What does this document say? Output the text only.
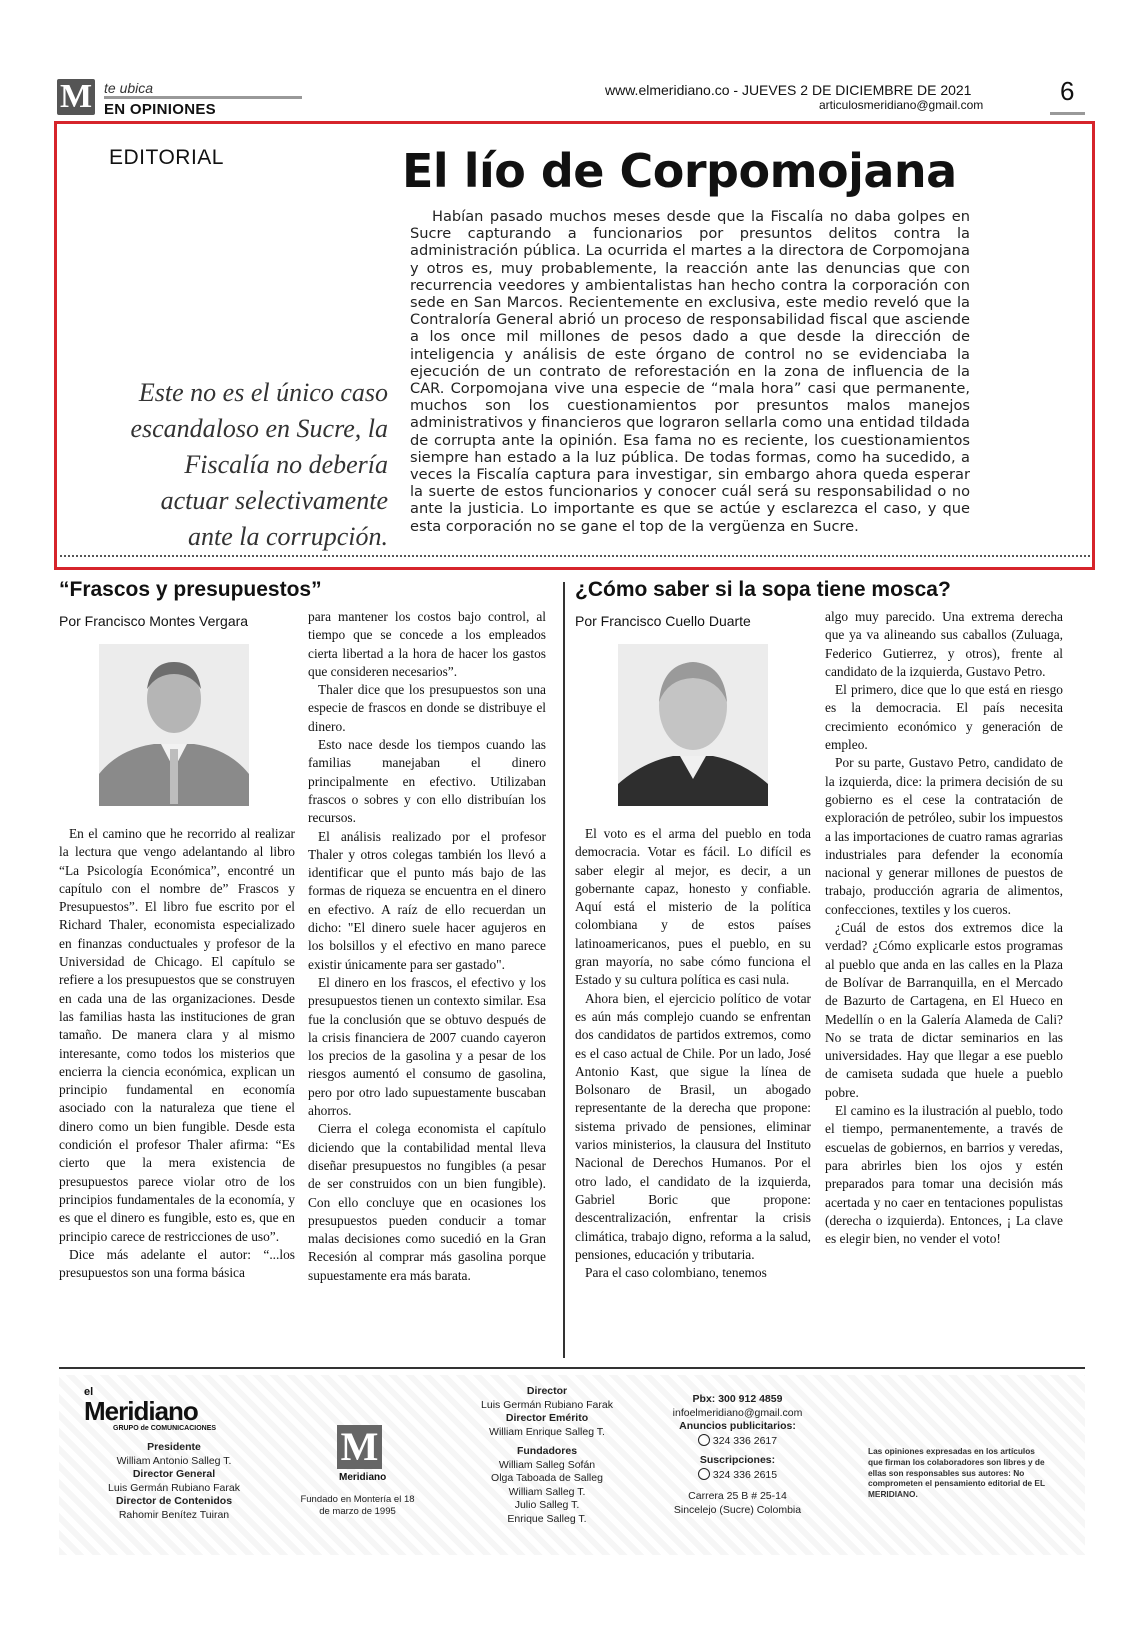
M te ubica
EN OPINIONES
www.elmeridiano.co - JUEVES 2 DE DICIEMBRE DE 2021
articulosmeridiano@gmail.com	6
EDITORIAL	El lío de Corpomojana

Habían pasado muchos meses desde que la Fiscalía no daba golpes en Sucre capturando a funcionarios por presuntos delitos contra la administración pública. La ocurrida el martes a la directora de Corpomojana y otros es, muy probablemente, la reacción ante las denuncias que con recurrencia veedores y ambientalistas han hecho contra la corporación con sede en San Marcos. Recientemente en exclusiva, este medio reveló que la Contraloría General abrió un proceso de responsabilidad fiscal que asciende a los once mil millones de pesos dado a que desde la dirección de inteligencia y análisis de este órgano de control no se evidenciaba la ejecución de un contrato de reforestación en la zona de influencia de la CAR. Corpomojana vive una especie de “mala hora” casi que permanente, muchos son los cuestionamientos por presuntos malos manejos administrativos y financieros que lograron sellarla como una entidad tildada de corrupta ante la opinión. Esa fama no es reciente, los cuestionamientos siempre han estado a la luz pública. De todas formas, como ha sucedido, a veces la Fiscalía captura para investigar, sin embargo ahora queda esperar la suerte de estos funcionarios y conocer cuál será su responsabilidad o no ante la justicia. Lo importante es que se actúe y esclarezca el caso, y que esta corporación no se gane el top de la vergüenza en Sucre.

Este no es el único caso escandaloso en Sucre, la Fiscalía no debería actuar selectivamente ante la corrupción.
“Frascos y presupuestos”
Por Francisco Montes Vergara

En el camino que he recorrido al realizar la lectura que vengo adelantando al libro “La Psicología Económica”, encontré un capítulo con el nombre de” Frascos y Presupuestos”. El libro fue escrito por el Richard Thaler, economista especializado en finanzas conductuales y profesor de la Universidad de Chicago. El capítulo se refiere a los presupuestos que se construyen en cada una de las organizaciones. Desde las familias hasta las instituciones de gran tamaño. De manera clara y al mismo interesante, como todos los misterios que encierra la ciencia económica, explican un principio fundamental en economía asociado con la naturaleza que tiene el dinero como un bien fungible. Desde esta condición el profesor Thaler afirma: “Es cierto que la mera existencia de presupuestos parece violar otro de los principios fundamentales de la economía, y es que el dinero es fungible, esto es, que en principio carece de restricciones de uso”.

Dice más adelante el autor: “...los presupuestos son una forma básica

para mantener los costos bajo control, al tiempo que se concede a los empleados cierta libertad a la hora de hacer los gastos que consideren necesarios”.

Thaler dice que los presupuestos son una especie de frascos en donde se distribuye el dinero.

Esto nace desde los tiempos cuando las familias manejaban el dinero principalmente en efectivo. Utilizaban frascos o sobres y con ello distribuían los recursos.

El análisis realizado por el profesor Thaler y otros colegas también los llevó a identificar que el punto más bajo de las formas de riqueza se encuentra en el dinero en efectivo. A raíz de ello recuerdan un dicho: "El dinero suele hacer agujeros en los bolsillos y el efectivo en mano parece existir únicamente para ser gastado".

El dinero en los frascos, el efectivo y los presupuestos tienen un contexto similar. Esa fue la conclusión que se obtuvo después de la crisis financiera de 2007 cuando cayeron los precios de la gasolina y a pesar de los riesgos aumentó el consumo de gasolina, pero por otro lado supuestamente buscaban ahorros.

Cierra el colega economista el capítulo diciendo que la contabilidad mental lleva diseñar presupuestos no fungibles (a pesar de ser construidos con un bien fungible). Con ello concluye que en ocasiones los presupuestos pueden conducir a tomar malas decisiones como sucedió en la Gran Recesión al comprar más gasolina porque supuestamente era más barata.

¿Cómo saber si la sopa tiene mosca?
Por Francisco Cuello Duarte

El voto es el arma del pueblo en toda democracia. Votar es fácil. Lo difícil es saber elegir al mejor, es decir, a un gobernante capaz, honesto y confiable. Aquí está el misterio de la política colombiana y de estos países latinoamericanos, pues el pueblo, en su gran mayoría, no sabe cómo funciona el Estado y su cultura política es casi nula.

Ahora bien, el ejercicio político de votar es aún más complejo cuando se enfrentan dos candidatos de partidos extremos, como es el caso actual de Chile. Por un lado, José Antonio Kast, que sigue la línea de Bolsonaro de Brasil, un abogado representante de la derecha que propone: sistema privado de pensiones, eliminar varios ministerios, la clausura del Instituto Nacional de Derechos Humanos. Por el otro lado, el candidato de la izquierda, Gabriel Boric que propone: descentralización, enfrentar la crisis climática, trabajo digno, reforma a la salud, pensiones, educación y tributaria.

Para el caso colombiano, tenemos

algo muy parecido. Una extrema derecha que ya va alineando sus caballos (Zuluaga, Federico Gutierrez, y otros), frente al candidato de la izquierda, Gustavo Petro.

El primero, dice que lo que está en riesgo es la democracia. El país necesita crecimiento económico y generación de empleo.

Por su parte, Gustavo Petro, candidato de la izquierda, dice: la primera decisión de su gobierno es el cese la contratación de exploración de petróleo, subir los impuestos a las importaciones de cuatro ramas agrarias industriales para defender la economía nacional y generar millones de puestos de trabajo, producción agraria de alimentos, confecciones, textiles y los cueros.

¿Cuál de estos dos extremos dice la verdad? ¿Cómo explicarle estos programas al pueblo que anda en las calles en la Plaza de Bolívar de Barranquilla, en el Mercado de Bazurto de Cartagena, en El Hueco en Medellín o en la Galería Alameda de Cali? No se trata de dictar seminarios en las universidades. Hay que llegar a ese pueblo de camiseta sudada que huele a pueblo pobre.

El camino es la ilustración al pueblo, todo el tiempo, permanentemente, a través de escuelas de gobiernos, en barrios y veredas, para abrirles bien los ojos y estén preparados para tomar una decisión más acertada y no caer en tentaciones populistas (derecha o izquierda). Entonces, ¡ La clave es elegir bien, no vender el voto!

el
Meridiano
GRUPO de COMUNICACIONES
Presidente
William Antonio Salleg T.
Director General
Luis Germán Rubiano Farak
Director de Contenidos
Rahomir Benítez Tuiran
M
Meridiano
Fundado en Montería el 18 de marzo de 1995
Director
Luis Germán Rubiano Farak
Director Emérito
William Enrique Salleg T.
Fundadores
William Salleg Sofán
Olga Taboada de Salleg
William Salleg T.
Julio Salleg T.
Enrique Salleg T.
Pbx: 300 912 4859
infoelmeridiano@gmail.com
Anuncios publicitarios:
324 336 2617
Suscripciones:
324 336 2615
Carrera 25 B # 25-14
Sincelejo (Sucre) Colombia
Las opiniones expresadas en los artículos que firman los colaboradores son libres y de ellas son responsables sus autores: No comprometen el pensamiento editorial de EL MERIDIANO.
